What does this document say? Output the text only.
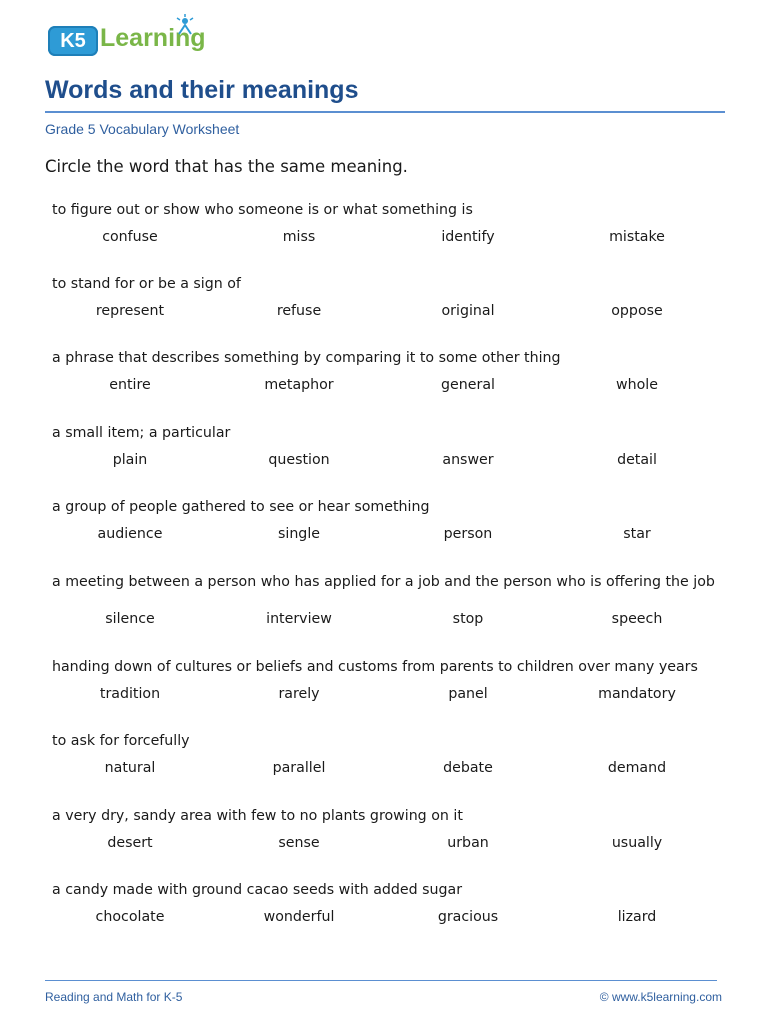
K5 Learning
Words and their meanings
Grade 5 Vocabulary Worksheet
Circle the word that has the same meaning.
to figure out or show who someone is or what something is
confuse	miss	identify	mistake
to stand for or be a sign of
represent	refuse	original	oppose
a phrase that describes something by comparing it to some other thing
entire	metaphor	general	whole
a small item; a particular
plain	question	answer	detail
a group of people gathered to see or hear something
audience	single	person	star
a meeting between a person who has applied for a job and the person who is offering the job
silence	interview	stop	speech
handing down of cultures or beliefs and customs from parents to children over many years
tradition	rarely	panel	mandatory
to ask for forcefully
natural	parallel	debate	demand
a very dry, sandy area with few to no plants growing on it
desert	sense	urban	usually
a candy made with ground cacao seeds with added sugar
chocolate	wonderful	gracious	lizard
Reading and Math for K-5	© www.k5learning.com
